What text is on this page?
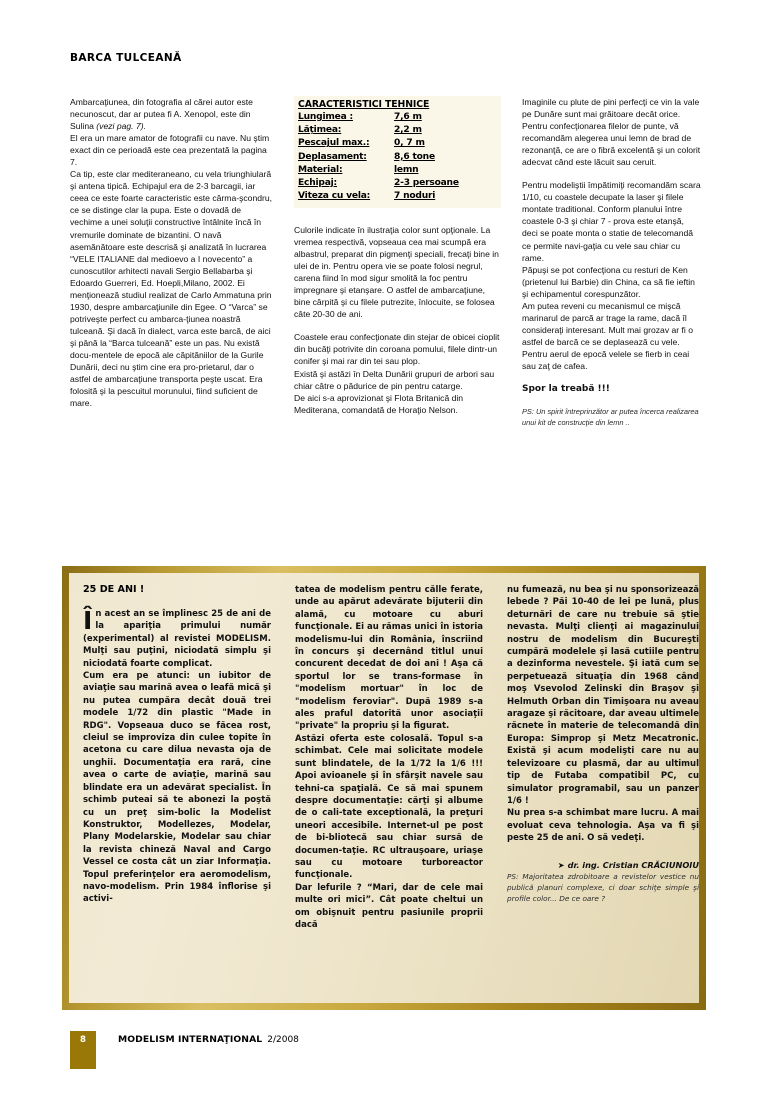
BARCA TULCEANĂ

Ambarcaţiunea, din fotografia al cărei autor este necunoscut, dar ar putea fi A. Xenopol, este din Sulina (vezi pag. 7).

El era un mare amator de fotografii cu nave. Nu ştim exact din ce perioadă este cea prezentată la pagina 7.

Ca tip, este clar mediteraneano, cu vela triunghiulară şi antena tipică. Echipajul era de 2-3 barcagii, iar ceea ce este foarte caracteristic este cârma-şcondru, ce se distinge clar la pupa. Este o dovadă de vechime a unei soluţii constructive întâlnite încă în vremurile dominate de bizantini. O navă asemănătoare este descrisă şi analizată în lucrarea “VELE ITALIANE dal medioevo a I novecento” a cunoscutilor arhitecti navali Sergio Bellabarba şi Edoardo Guerreri, Ed. Hoepli,Milano, 2002. Ei menţionează studiul realizat de Carlo Ammatuna prin 1930, despre ambarcaţiunile din Egee. O “Varca” se potriveşte perfect cu ambarca-ţiunea noastră tulceană. Şi dacă în dialect, varca este barcă, de aici şi până la “Barca tulceană” este un pas. Nu există docu-mentele de epocă ale căpităniilor de la Gurile Dunării, deci nu ştim cine era pro-prietarul, dar o astfel de ambarcaţiune transporta peşte uscat. Era folosită şi la pescuitul morunului, fiind suficient de mare.

CARACTERISTICI TEHNICE
Lungimea :	7,6 m
Lăţimea:	2,2 m
Pescajul max.:	0, 7 m
Deplasament:	8,6 tone
Material:	lemn
Echipaj:	2-3 persoane
Viteza cu vela:	7 noduri

Culorile indicate în ilustraţia color sunt opţionale. La vremea respectivă, vopseaua cea mai scumpă era albastrul, preparat din pigmenţi speciali, frecaţi bine in ulei de in. Pentru opera vie se poate folosi negrul, carena fiind în mod sigur smolită la foc pentru impregnare şi etanşare. O astfel de ambarcaţiune, bine cârpită şi cu filele putrezite, înlocuite, se folosea câte 20-30 de ani.

Coastele erau confecţionate din stejar de obicei cioplit din bucăţi potrivite din coroana pomului, filele dintr-un conifer şi mai rar din tei sau plop.

Există şi astăzi în Delta Dunării grupuri de arbori sau chiar câtre o pădurice de pin pentru catarge.

De aici s-a aprovizionat şi Flota Britanică din Mediterana, comandată de Horaţio Nelson.

Imaginile cu plute de pini perfecţi ce vin la vale pe Dunăre sunt mai grăitoare decât orice.

Pentru confecţionarea filelor de punte, vă recomandăm alegerea unui lemn de brad de rezonanţă, ce are o fibră excelentă şi un colorit adecvat când este lăcuit sau ceruit.

Pentru modeliştii împătimiţi recomandăm scara 1/10, cu coastele decupate la laser şi filele montate traditional. Conform planului între coastele 0-3 şi chiar 7 - prova este etanşă, deci se poate monta o statie de telecomandă ce permite navi-gaţia cu vele sau chiar cu rame.

Păpuşi se pot confecţiona cu resturi de Ken (prietenul lui Barbie) din China, ca să fie ieftin şi echipamentul corespunzător.

Am putea reveni cu mecanismul ce mişcă marinarul de parcă ar trage la rame, dacă îl consideraţi interesant. Mult mai grozav ar fi o astfel de barcă ce se deplasează cu vele.

Pentru aerul de epocă velele se fierb in ceai sau zaţ de cafea.

Spor la treabă !!!

PS: Un spirit întreprinzător ar putea încerca realizarea unui kit de construcţie din lemn ..

25 DE ANI !

În acest an se împlinesc 25 de ani de la apariţia primului număr (experimental) al revistei MODELISM. Mulţi sau puţini, niciodată simplu şi niciodată foarte complicat.

Cum era pe atunci: un iubitor de aviaţie sau marină avea o leafă mică şi nu putea cumpăra decât două trei modele 1/72 din plastic "Made in RDG". Vopseaua duco se făcea rost, cleiul se improviza din culee topite în acetona cu care dilua nevasta oja de unghii. Documentaţia era rară, cine avea o carte de aviaţie, marină sau blindate era un adevărat specialist. În schimb puteai să te abonezi la poştă cu un preţ sim-bolic la Modelist Konstruktor, Modellezes, Modelar, Plany Modelarskie, Modelar sau chiar la revista chineză Naval and Cargo Vessel ce costa cât un ziar Informaţia. Topul preferinţelor era aeromodelism, navo-modelism. Prin 1984 înflorise şi activi-

tatea de modelism pentru călle ferate, unde au apărut adevărate bijuterii din alamă, cu motoare cu aburi funcţionale. Ei au rămas unici în istoria modelismu-lui din România, înscriind în concurs şi decernând titlul unui concurent decedat de doi ani ! Aşa că sportul lor se trans-formase în "modelism mortuar" în loc de "modelism feroviar". După 1989 s-a ales praful datorită unor asociaţii "private" la propriu şi la figurat.
Astăzi oferta este colosală. Topul s-a schimbat. Cele mai solicitate modele sunt blindatele, de la 1/72 la 1/6 !!! Apoi avioanele şi în sfârşit navele sau tehni-ca spaţială. Ce să mai spunem despre documentaţie: cărţi şi albume de o cali-tate exceptională, la preţuri uneori accesibile. Internet-ul pe post de bi-bliotecă sau chiar sursă de documen-taţie. RC ultrauşoare, uriaşe sau cu motoare turboreactor funcţionale.
Dar lefurile ? “Mari, dar de cele mai multe ori mici”. Cât poate cheltui un om obişnuit pentru pasiunile proprii dacă

nu fumează, nu bea şi nu sponsorizează lebede ? Păi 10-40 de lei pe lună, plus deturnări de care nu trebuie să ştie nevasta. Mulţi clienţi ai magazinului nostru de modelism din Bucureşti cumpără modelele şi lasă cutiile pentru a dezinforma nevestele. Şi iată cum se perpetuează situaţia din 1968 când moş Vsevolod Zelinski din Braşov şi Helmuth Orban din Timişoara nu aveau aragaze şi răcitoare, dar aveau ultimele răcnete în materie de telecomandă din Europa: Simprop şi Metz Mecatronic. Există şi acum modelişti care nu au televizoare cu plasmă, dar au ultimul tip de Futaba compatibil PC, cu simulator programabil, sau un panzer 1/6 !
Nu prea s-a schimbat mare lucru. A mai evoluat ceva tehnologia. Aşa va fi şi peste 25 de ani. O să vedeţi.

➤ dr. ing. Cristian CRĂCIUNOIU

PS: Majoritatea zdrobitoare a revistelor vestice nu publică planuri complexe, ci doar schiţe simple şi profile color... De ce oare ?

8	MODELISM INTERNAŢIONAL 2/2008
